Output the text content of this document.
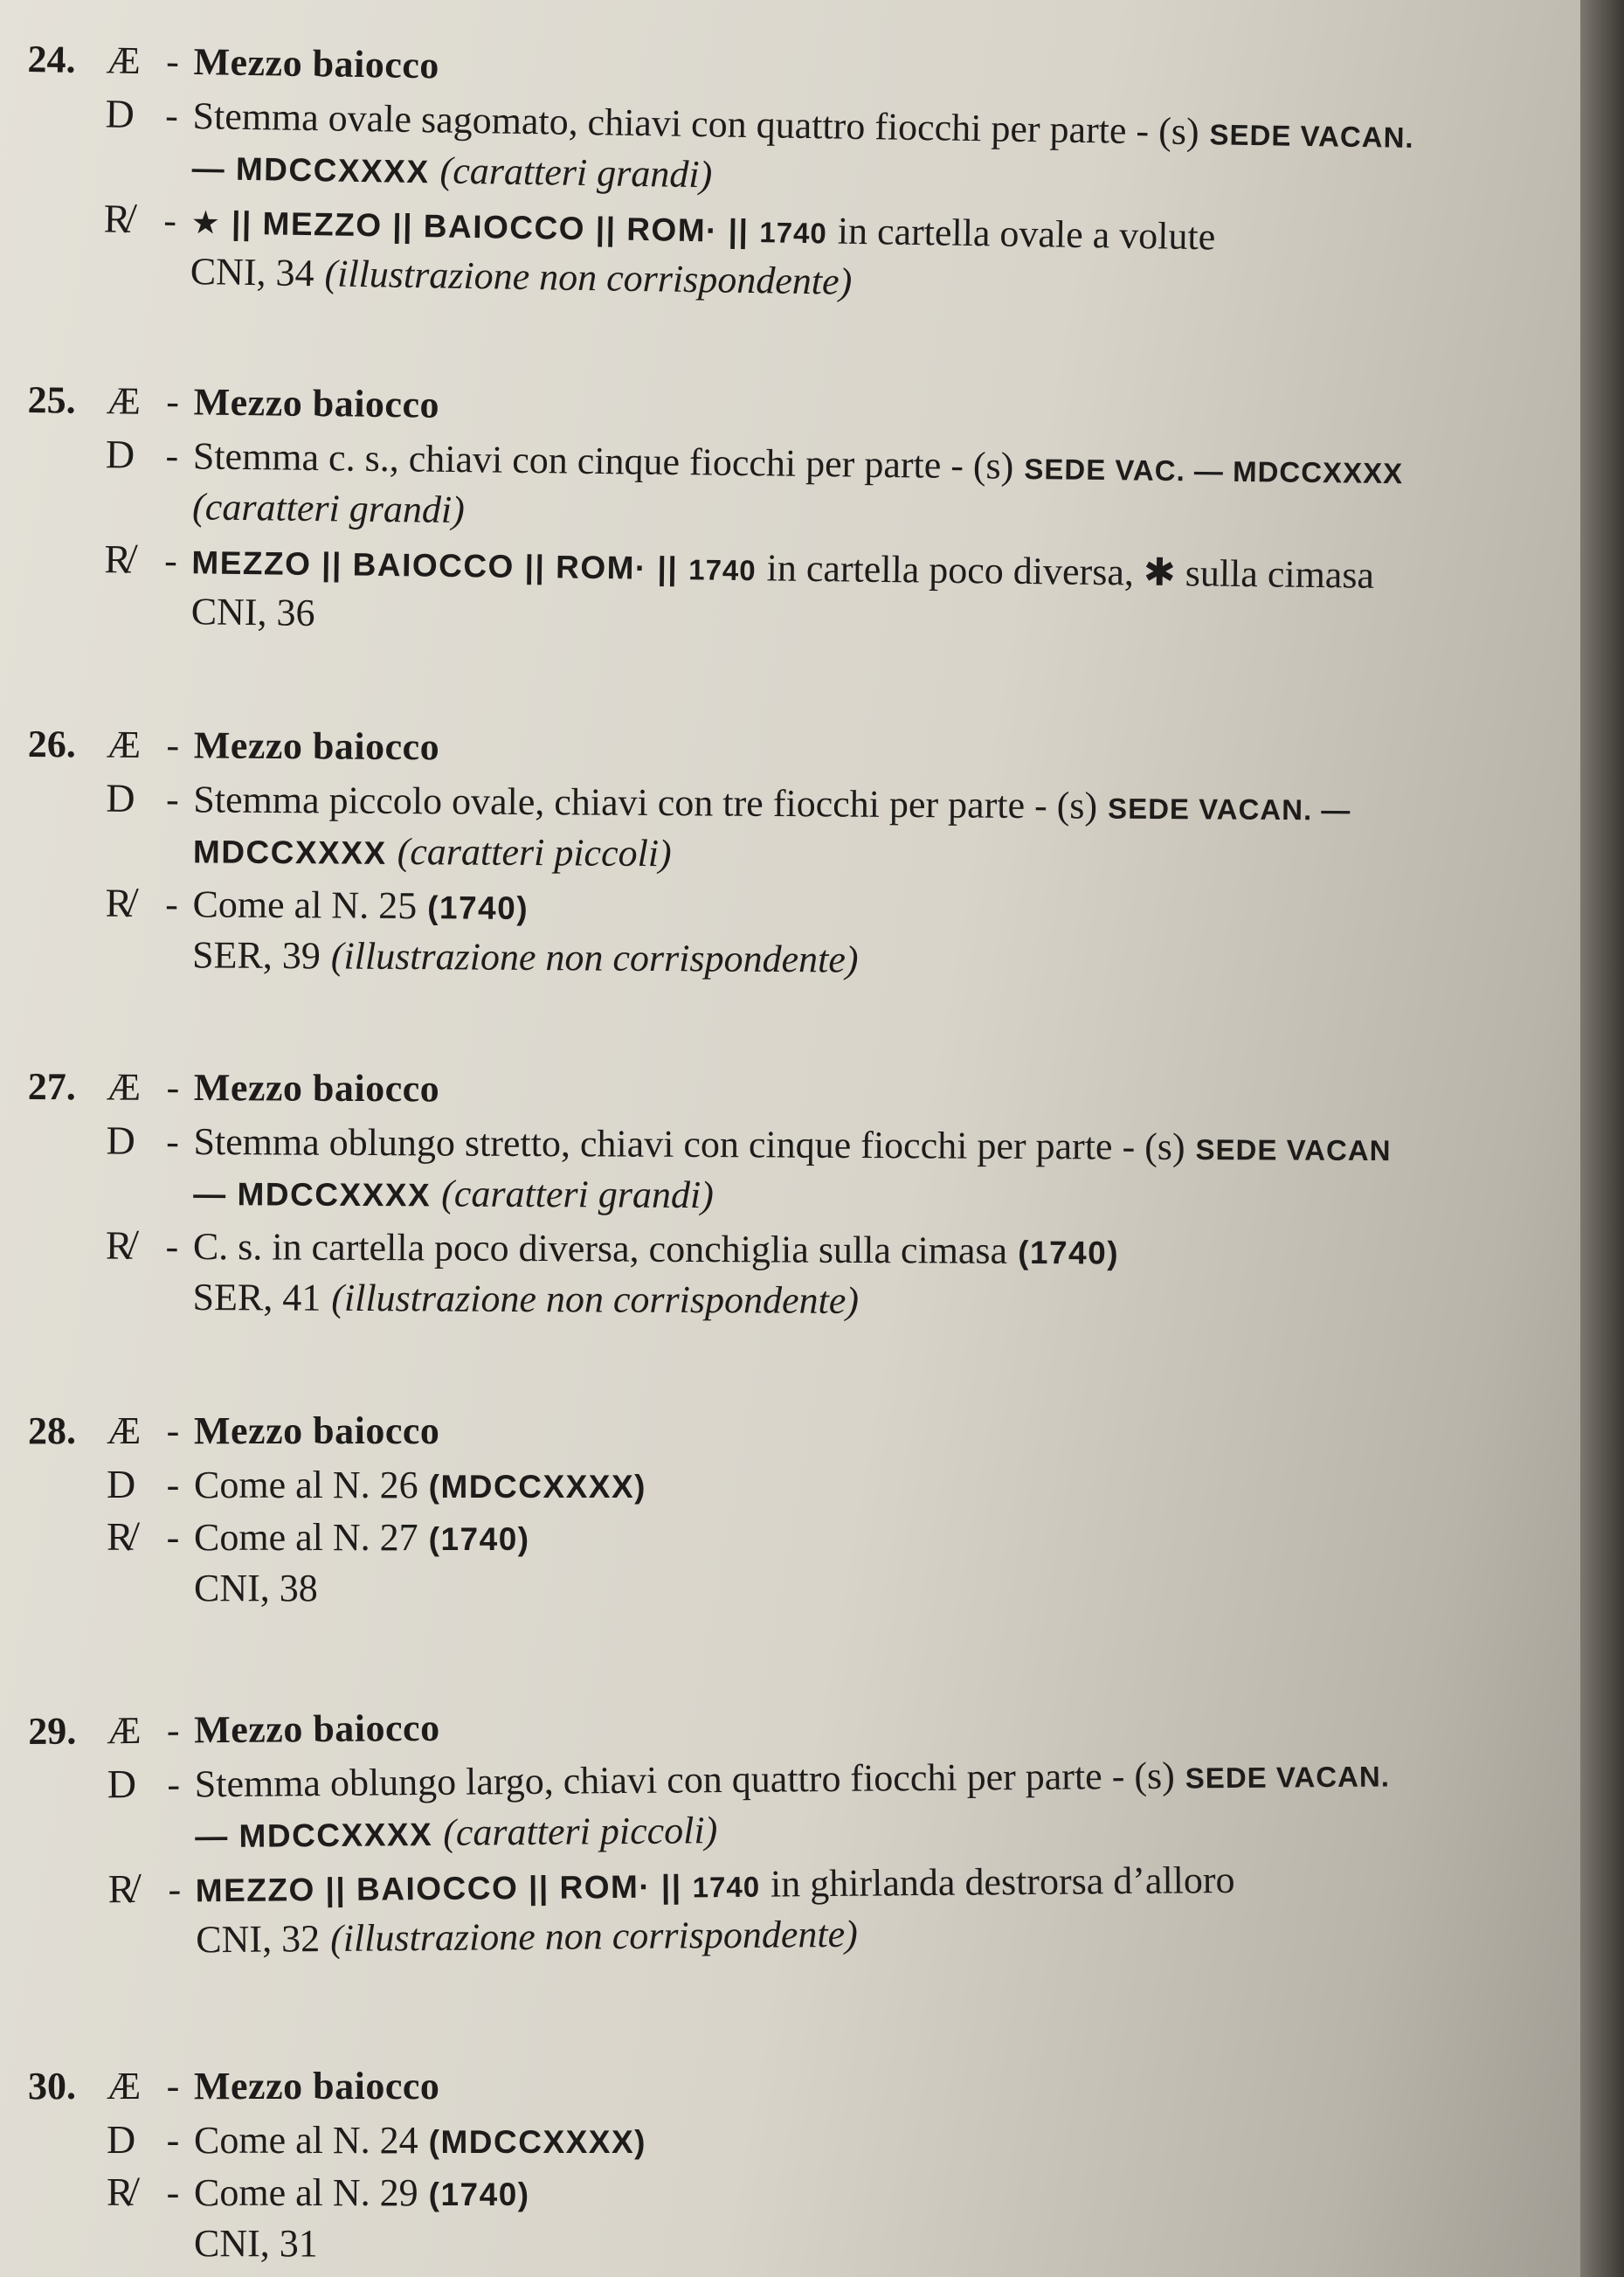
24. Æ - Mezzo baiocco
D - Stemma ovale sagomato, chiavi con quattro fiocchi per parte - (s) SEDE VACAN.
— MDCCXXXX (caratteri grandi)
R̸ - ★ || MEZZO || BAIOCCO || ROM· || 1740 in cartella ovale a volute
CNI, 34 (illustrazione non corrispondente)
25. Æ - Mezzo baiocco
D - Stemma c. s., chiavi con cinque fiocchi per parte - (s) SEDE VAC. — MDCCXXXX
(caratteri grandi)
R̸ - MEZZO || BAIOCCO || ROM· || 1740 in cartella poco diversa, ✱ sulla cimasa
CNI, 36
26. Æ - Mezzo baiocco
D - Stemma piccolo ovale, chiavi con tre fiocchi per parte - (s) SEDE VACAN. —
MDCCXXXX (caratteri piccoli)
R̸ - Come al N. 25 (1740)
SER, 39 (illustrazione non corrispondente)
27. Æ - Mezzo baiocco
D - Stemma oblungo stretto, chiavi con cinque fiocchi per parte - (s) SEDE VACAN
— MDCCXXXX (caratteri grandi)
R̸ - C. s. in cartella poco diversa, conchiglia sulla cimasa (1740)
SER, 41 (illustrazione non corrispondente)
28. Æ - Mezzo baiocco
D - Come al N. 26 (MDCCXXXX)
R̸ - Come al N. 27 (1740)
CNI, 38
29. Æ - Mezzo baiocco
D - Stemma oblungo largo, chiavi con quattro fiocchi per parte - (s) SEDE VACAN.
— MDCCXXXX (caratteri piccoli)
R̸ - MEZZO || BAIOCCO || ROM· || 1740 in ghirlanda destrorsa d’alloro
CNI, 32 (illustrazione non corrispondente)
30. Æ - Mezzo baiocco
D - Come al N. 24 (MDCCXXXX)
R̸ - Come al N. 29 (1740)
CNI, 31
